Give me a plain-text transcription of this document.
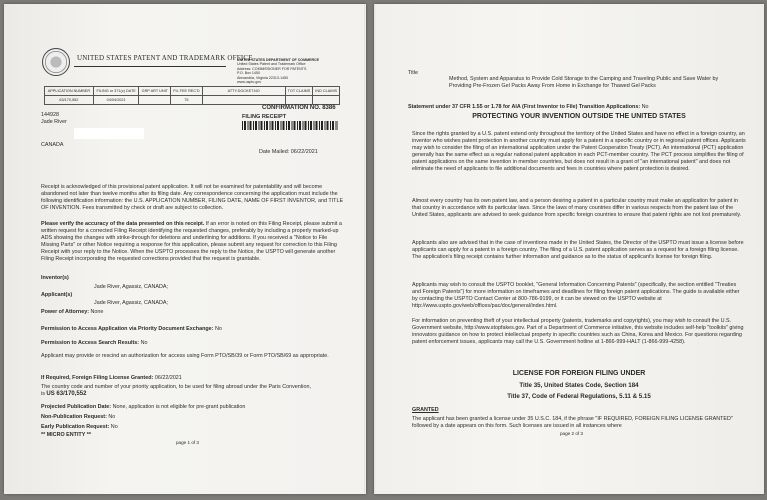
UNITED STATES PATENT AND TRADEMARK OFFICE
UNITED STATES DEPARTMENT OF COMMERCE
United States Patent and Trademark Office
Address: COMMISSIONER FOR PATENTS
P.O. Box 1450
Alexandria, Virginia 22313-1450
www.uspto.gov
APPLICATION NUMBER	FILING or 371(c) DATE	GRP ART UNIT	FIL FEE REC'D	ATTY.DOCKET.NO	TOT CLAIMS	IND CLAIMS
63/170,552	04/04/2021		75			
CONFIRMATION NO. 8386
FILING RECEIPT
144928
Jade River
CANADA
Date Mailed: 06/22/2021
Receipt is acknowledged of this provisional patent application. It will not be examined for patentability and will become abandoned not later than twelve months after its filing date. Any correspondence concerning the application must include the following identification information: the U.S. APPLICATION NUMBER, FILING DATE, NAME OF FIRST INVENTOR, and TITLE OF INVENTION. Fees transmitted by check or draft are subject to collection.
Please verify the accuracy of the data presented on this receipt. If an error is noted on this Filing Receipt, please submit a written request for a corrected Filing Receipt identifying the requested changes, preferably by including a properly marked-up ADS showing the changes with strike-through for deletions and underlining for additions. If you received a "Notice to File Missing Parts" or other Notice requiring a response for this application, please submit any request for correction to this Filing Receipt with your reply to the Notice. When the USPTO processes the reply to the Notice, the USPTO will generate another Filing Receipt incorporating the requested corrections provided that the request is grantable.
Inventor(s)
Jade River, Agassiz, CANADA;
Applicant(s)
Jade River, Agassiz, CANADA;
Power of Attorney: None
Permission to Access Application via Priority Document Exchange: No
Permission to Access Search Results: No
Applicant may provide or rescind an authorization for access using Form PTO/SB/39 or Form PTO/SB/69 as appropriate.
If Required, Foreign Filing License Granted: 06/22/2021
The country code and number of your priority application, to be used for filing abroad under the Paris Convention,
is US 63/170,552
Projected Publication Date: None, application is not eligible for pre-grant publication
Non-Publication Request: No
Early Publication Request: No
** MICRO ENTITY **
page 1 of 3
Title
Method, System and Apparatus to Provide Cold Storage to the Camping and Traveling Public and Save Water by Providing Pre-Frozen Gel Packs Away From Home in Exchange for Thawed Gel Packs
Statement under 37 CFR 1.55 or 1.78 for AIA (First Inventor to File) Transition Applications: No
PROTECTING YOUR INVENTION OUTSIDE THE UNITED STATES
Since the rights granted by a U.S. patent extend only throughout the territory of the United States and have no effect in a foreign country, an inventor who wishes patent protection in another country must apply for a patent in a specific country or in regional patent offices. Applicants may wish to consider the filing of an international application under the Patent Cooperation Treaty (PCT). An international (PCT) application generally has the same effect as a regular national patent application in each PCT-member country. The PCT process simplifies the filing of patent applications on the same invention in member countries, but does not result in a grant of "an international patent" and does not eliminate the need of applicants to file additional documents and fees in countries where patent protection is desired.
Almost every country has its own patent law, and a person desiring a patent in a particular country must make an application for patent in that country in accordance with its particular laws. Since the laws of many countries differ in various respects from the patent law of the United States, applicants are advised to seek guidance from specific foreign countries to ensure that patent rights are not lost prematurely.
Applicants also are advised that in the case of inventions made in the United States, the Director of the USPTO must issue a license before applicants can apply for a patent in a foreign country. The filing of a U.S. patent application serves as a request for a foreign filing license. The application's filing receipt contains further information and guidance as to the status of applicant's license for foreign filing.
Applicants may wish to consult the USPTO booklet, "General Information Concerning Patents" (specifically, the section entitled "Treaties and Foreign Patents") for more information on timeframes and deadlines for filing foreign patent applications. The guide is available either by contacting the USPTO Contact Center at 800-786-9199, or it can be viewed on the USPTO website at http://www.uspto.gov/web/offices/pac/doc/general/index.html.
For information on preventing theft of your intellectual property (patents, trademarks and copyrights), you may wish to consult the U.S. Government website, http://www.stopfakes.gov. Part of a Department of Commerce initiative, this website includes self-help "toolkits" giving innovators guidance on how to protect intellectual property in specific countries such as China, Korea and Mexico. For questions regarding patent enforcement issues, applicants may call the U.S. Government hotline at 1-866-999-HALT (1-866-999-4258).
LICENSE FOR FOREIGN FILING UNDER
Title 35, United States Code, Section 184
Title 37, Code of Federal Regulations, 5.11 & 5.15
GRANTED
The applicant has been granted a license under 35 U.S.C. 184, if the phrase "IF REQUIRED, FOREIGN FILING LICENSE GRANTED" followed by a date appears on this form. Such licenses are issued in all instances where
page 2 of 3
